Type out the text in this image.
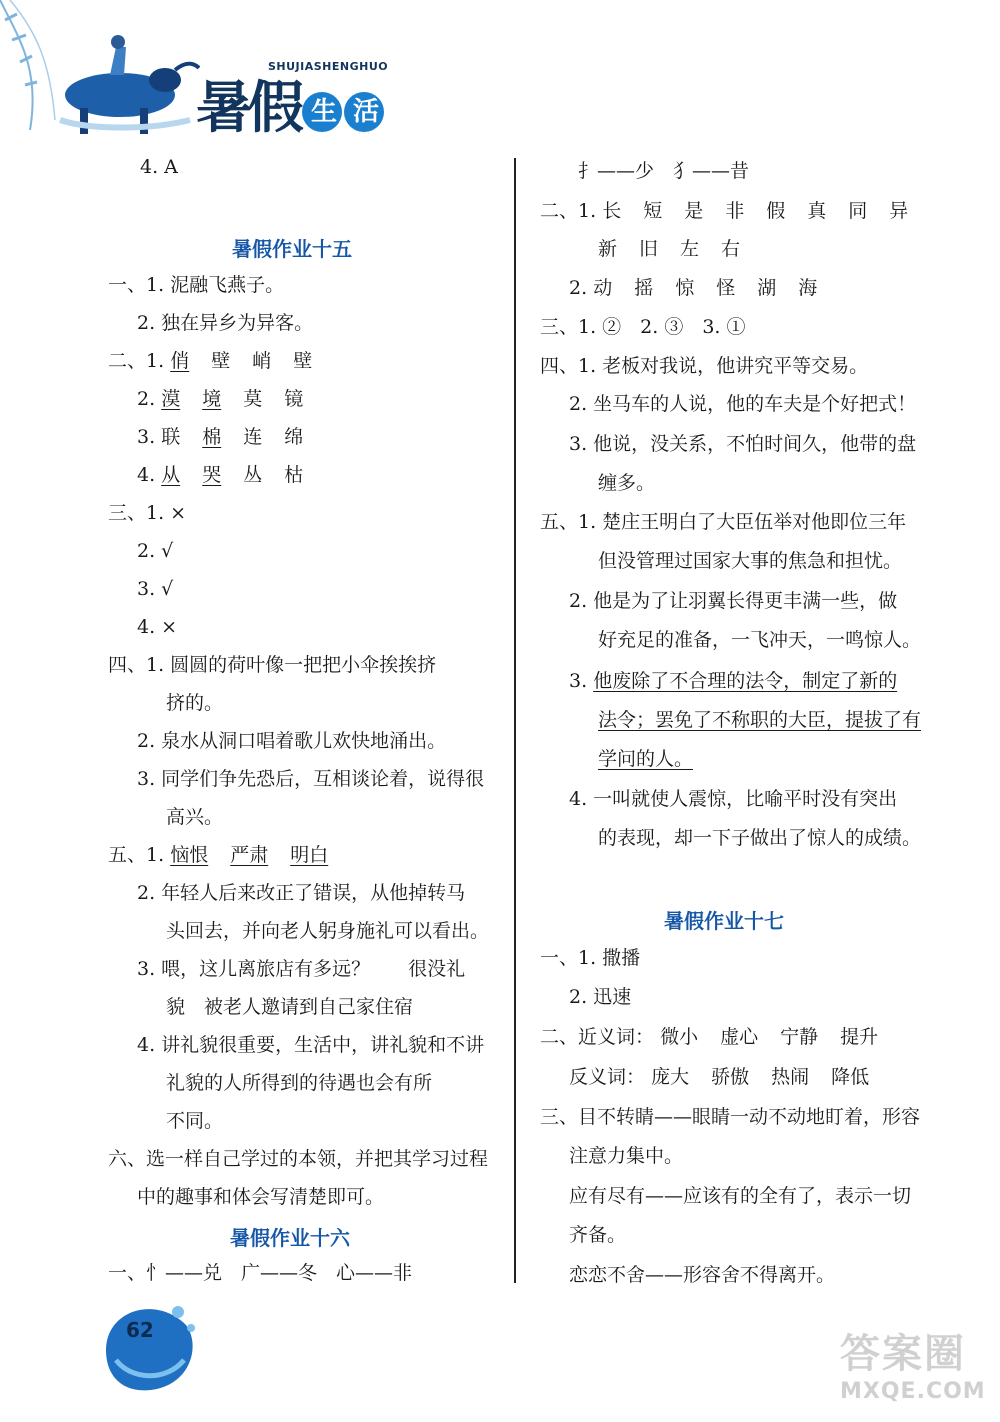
SHUJIASHENGHUO
暑假 生 活
4. A
暑假作业十五
一、1. 泥融飞燕子。
2. 独在异乡为异客。
二、1. 俏 壁 峭 壁
2. 漠 境 莫 镜
3. 联 棉 连 绵
4. 从 哭 丛 枯
三、1. ×
2. √
3. √
4. ×
四、1. 圆圆的荷叶像一把把小伞挨挨挤
挤的。
2. 泉水从洞口唱着歌儿欢快地涌出。
3. 同学们争先恐后，互相谈论着，说得很
高兴。
五、1. 恼恨 严肃 明白
2. 年轻人后来改正了错误，从他掉转马
头回去，并向老人躬身施礼可以看出。
3. 喂，这儿离旅店有多远？　　很没礼
貌　被老人邀请到自己家住宿
4. 讲礼貌很重要，生活中，讲礼貌和不讲
礼貌的人所得到的待遇也会有所
不同。
六、选一样自己学过的本领，并把其学习过程
中的趣事和体会写清楚即可。
暑假作业十六
一、忄——兑　广——冬　心——非
扌——少　犭——昔
二、1. 长 短 是 非 假 真 同 异
新 旧 左 右
2. 动 摇 惊 怪 湖 海
三、1. ②　2. ③　3. ①
四、1. 老板对我说，他讲究平等交易。
2. 坐马车的人说，他的车夫是个好把式！
3. 他说，没关系，不怕时间久，他带的盘
缠多。
五、1. 楚庄王明白了大臣伍举对他即位三年
但没管理过国家大事的焦急和担忧。
2. 他是为了让羽翼长得更丰满一些，做
好充足的准备，一飞冲天，一鸣惊人。
3. 他废除了不合理的法令，制定了新的
法令；罢免了不称职的大臣，提拔了有
学问的人。
4. 一叫就使人震惊，比喻平时没有突出
的表现，却一下子做出了惊人的成绩。
暑假作业十七
一、1. 撒播
2. 迅速
二、近义词： 微小 虚心 宁静 提升
反义词： 庞大 骄傲 热闹 降低
三、目不转睛——眼睛一动不动地盯着，形容
注意力集中。
应有尽有——应该有的全有了，表示一切
齐备。
恋恋不舍——形容舍不得离开。
62
答案圈
MXQE.COM
